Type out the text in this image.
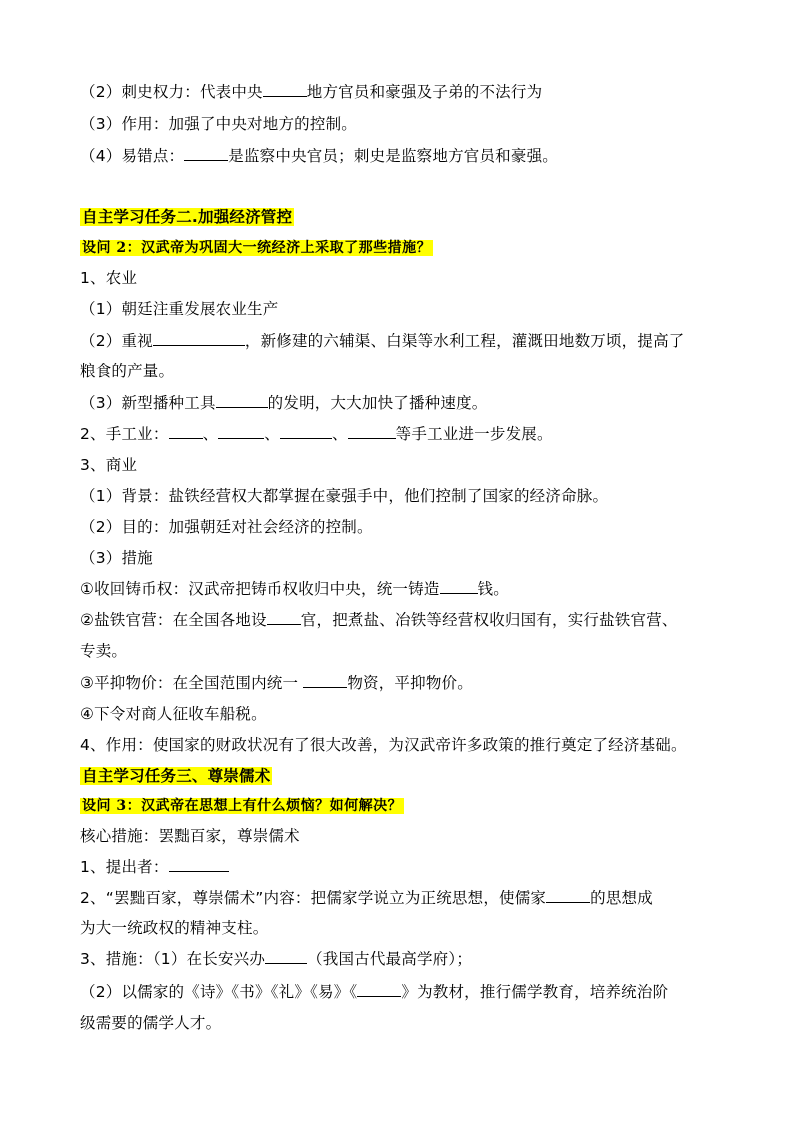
（2）刺史权力：代表中央	地方官员和豪强及子弟的不法行为
（3）作用：加强了中央对地方的控制。
（4）易错点：	是监察中央官员；刺史是监察地方官员和豪强。
自主学习任务二.加强经济管控
设问 2：汉武帝为巩固大一统经济上采取了那些措施？
1、农业
（1）朝廷注重发展农业生产
（2）重视	，新修建的六辅渠、白渠等水利工程，灌溉田地数万顷，提高了
粮食的产量。
（3）新型播种工具	的发明，大大加快了播种速度。
2、手工业： 、	、	、	等手工业进一步发展。
3、商业
（1）背景：盐铁经营权大都掌握在豪强手中，他们控制了国家的经济命脉。
（2）目的：加强朝廷对社会经济的控制。
（3）措施
①收回铸币权：汉武帝把铸币权收归中央，统一铸造 钱。
②盐铁官营：在全国各地设 官，把煮盐、冶铁等经营权收归国有，实行盐铁官营、
专卖。
③平抑物价：在全国范围内统一	物资，平抑物价。
④下令对商人征收车船税。
4、作用：使国家的财政状况有了很大改善，为汉武帝许多政策的推行奠定了经济基础。
自主学习任务三、尊崇儒术
设问 3：汉武帝在思想上有什么烦恼？如何解决？
核心措施：罢黜百家，尊崇儒术
1、提出者：
2、“罢黜百家，尊崇儒术”内容：把儒家学说立为正统思想，使儒家	的思想成
为大一统政权的精神支柱。
3、措施：（1）在长安兴办	（我国古代最高学府）；
（2）以儒家的《诗》《书》《礼》《易》《	》为教材，推行儒学教育，培养统治阶
级需要的儒学人才。
